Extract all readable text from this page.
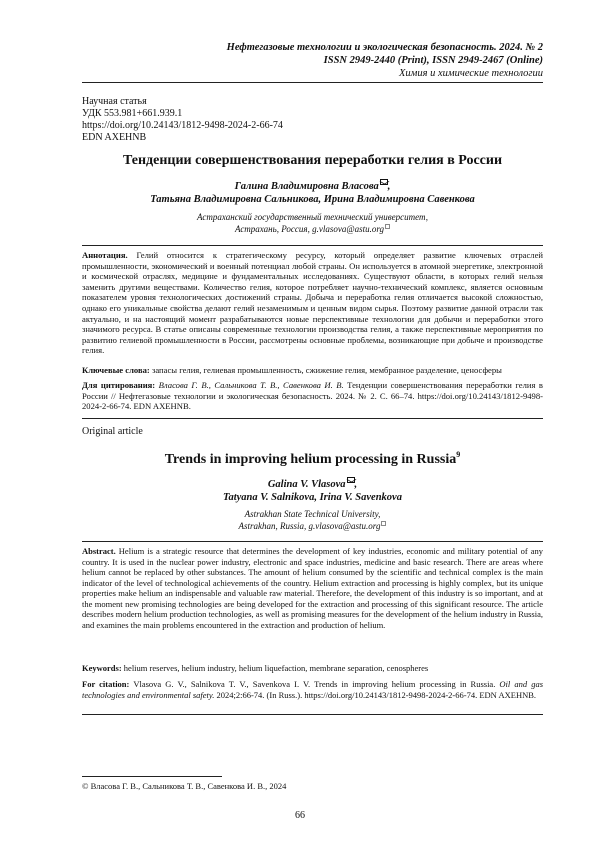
Нефтегазовые технологии и экологическая безопасность. 2024. № 2
ISSN 2949-2440 (Print), ISSN 2949-2467 (Online)
Химия и химические технологии
Научная статья
УДК 553.981+661.939.1
https://doi.org/10.24143/1812-9498-2024-2-66-74
EDN AXEHNB
Тенденции совершенствования переработки гелия в России
Галина Владимировна Власова ,
Татьяна Владимировна Сальникова, Ирина Владимировна Савенкова
Астраханский государственный технический университет,
Астрахань, Россия, g.vlasova@astu.org
Аннотация. Гелий относится к стратегическому ресурсу, который определяет развитие ключевых отраслей промышленности, экономический и военный потенциал любой страны. Он используется в атомной энергетике, электронной и космической отраслях, медицине и фундаментальных исследованиях. Существуют области, в которых гелий нельзя заменить другими веществами. Количество гелия, которое потребляет научно-технический комплекс, является основным показателем уровня технологических достижений страны. Добыча и переработка гелия отличается высокой сложностью, однако его уникальные свойства делают гелий незаменимым и ценным видом сырья. Поэтому развитие данной отрасли так актуально, и на настоящий момент разрабатываются новые перспективные технологии для добычи и переработки этого значимого ресурса. В статье описаны современные технологии производства гелия, а также перспективные мероприятия по развитию гелиевой промышленности в России, рассмотрены основные проблемы, возникающие при добыче и производстве гелия.
Ключевые слова: запасы гелия, гелиевая промышленность, сжижение гелия, мембранное разделение, ценосферы
Для цитирования: Власова Г. В., Сальникова Т. В., Савенкова И. В. Тенденции совершенствования переработки гелия в России // Нефтегазовые технологии и экологическая безопасность. 2024. № 2. С. 66–74. https://doi.org/10.24143/1812-9498-2024-2-66-74. EDN AXEHNB.
Original article
Trends in improving helium processing in Russia$^9$
Galina V. Vlasova ,
Tatyana V. Salnikova, Irina V. Savenkova
Astrakhan State Technical University,
Astrakhan, Russia, g.vlasova@astu.org
Abstract. Helium is a strategic resource that determines the development of key industries, economic and military potential of any country. It is used in the nuclear power industry, electronic and space industries, medicine and basic research. There are areas where helium cannot be replaced by other substances. The amount of helium consumed by the scientific and technical complex is the main indicator of the level of technological achievements of the country. Helium extraction and processing is highly complex, but its unique properties make helium an indispensable and valuable raw material. Therefore, the development of this industry is so important, and at the moment new promising technologies are being developed for the extraction and processing of this significant resource. The article describes modern helium production technologies, as well as promising measures for the development of the helium industry in Russia, and examines the main problems encountered in the extraction and production of helium.
Keywords: helium reserves, helium industry, helium liquefaction, membrane separation, cenospheres
For citation: Vlasova G. V., Salnikova T. V., Savenkova I. V. Trends in improving helium processing in Russia. Oil and gas technologies and environmental safety. 2024;2:66-74. (In Russ.). https://doi.org/10.24143/1812-9498-2024-2-66-74. EDN AXEHNB.
© Власова Г. В., Сальникова Т. В., Савенкова И. В., 2024
66
